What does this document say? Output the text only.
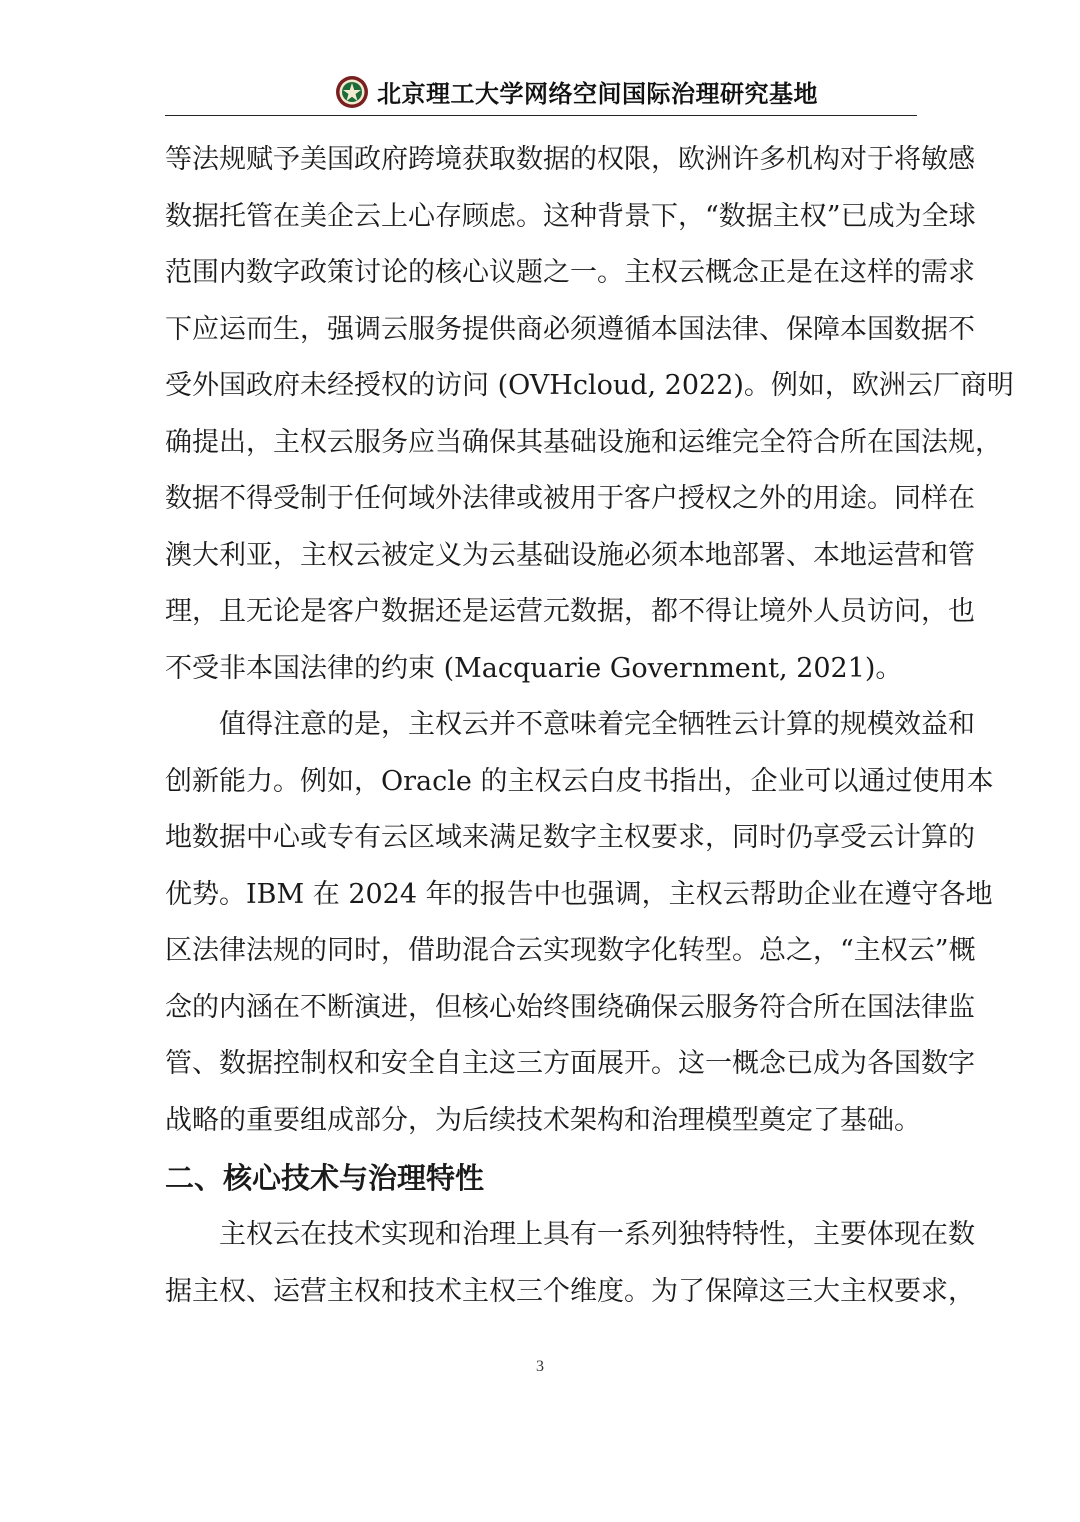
北京理工大学网络空间国际治理研究基地
等法规赋予美国政府跨境获取数据的权限，欧洲许多机构对于将敏感
数据托管在美企云上心存顾虑。这种背景下，“数据主权”已成为全球
范围内数字政策讨论的核心议题之一。主权云概念正是在这样的需求
下应运而生，强调云服务提供商必须遵循本国法律、保障本国数据不
受外国政府未经授权的访问 (OVHcloud, 2022)。例如，欧洲云厂商明
确提出，主权云服务应当确保其基础设施和运维完全符合所在国法规，
数据不得受制于任何域外法律或被用于客户授权之外的用途。同样在
澳大利亚，主权云被定义为云基础设施必须本地部署、本地运营和管
理，且无论是客户数据还是运营元数据，都不得让境外人员访问，也
不受非本国法律的约束 (Macquarie Government, 2021)。
值得注意的是，主权云并不意味着完全牺牲云计算的规模效益和
创新能力。例如，Oracle 的主权云白皮书指出，企业可以通过使用本
地数据中心或专有云区域来满足数字主权要求，同时仍享受云计算的
优势。IBM 在 2024 年的报告中也强调，主权云帮助企业在遵守各地
区法律法规的同时，借助混合云实现数字化转型。总之，“主权云”概
念的内涵在不断演进，但核心始终围绕确保云服务符合所在国法律监
管、数据控制权和安全自主这三方面展开。这一概念已成为各国数字
战略的重要组成部分，为后续技术架构和治理模型奠定了基础。
二、核心技术与治理特性
主权云在技术实现和治理上具有一系列独特特性，主要体现在数
据主权、运营主权和技术主权三个维度。为了保障这三大主权要求，
3
